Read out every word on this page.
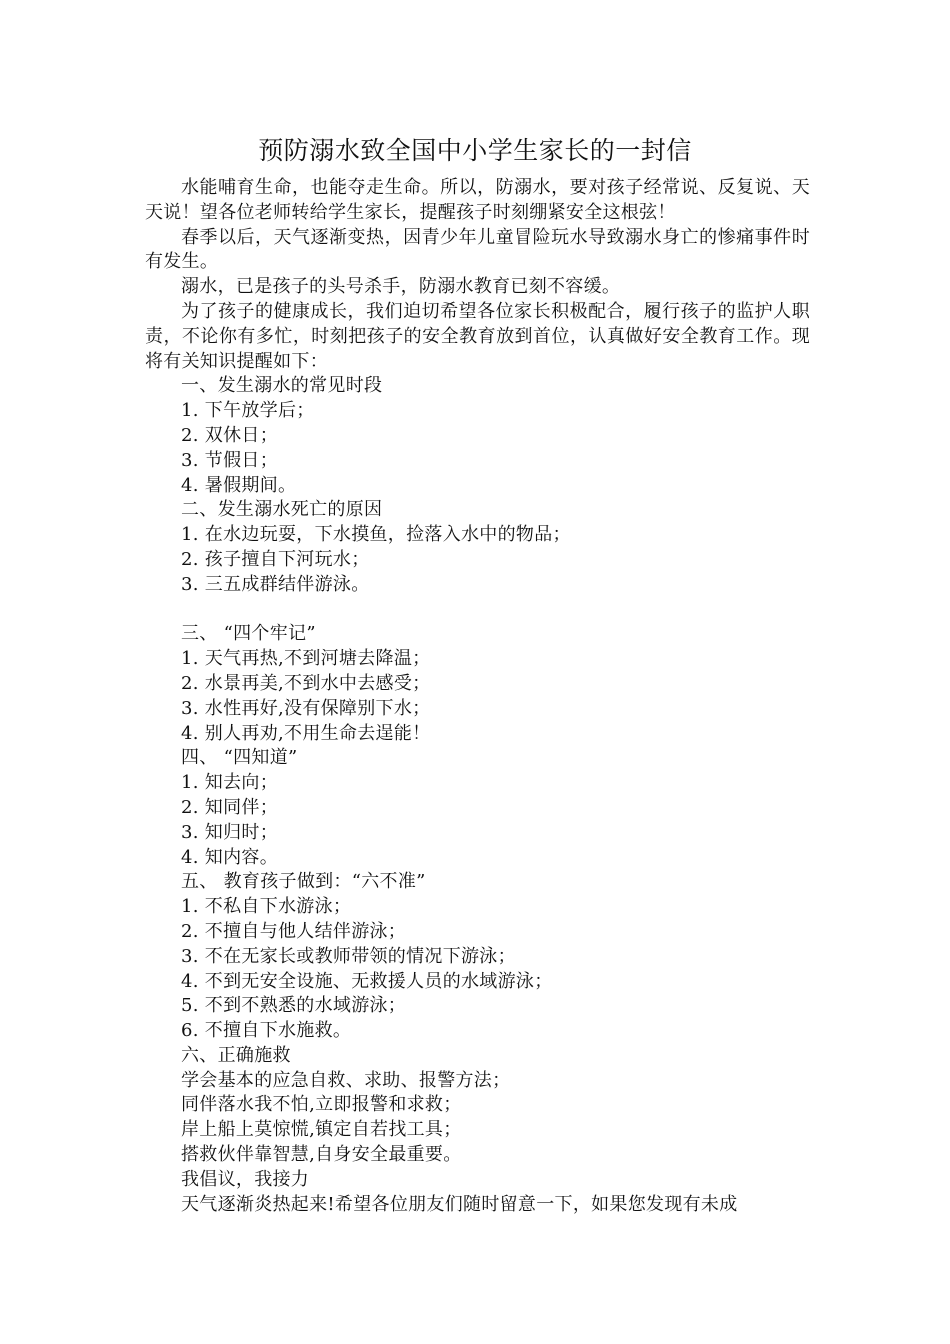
预防溺水致全国中小学生家长的一封信

水能哺育生命，也能夺走生命。所以，防溺水，要对孩子经常说、反复说、天天说！望各位老师转给学生家长，提醒孩子时刻绷紧安全这根弦！

春季以后，天气逐渐变热，因青少年儿童冒险玩水导致溺水身亡的惨痛事件时有发生。

溺水，已是孩子的头号杀手，防溺水教育已刻不容缓。

为了孩子的健康成长，我们迫切希望各位家长积极配合，履行孩子的监护人职责，不论你有多忙，时刻把孩子的安全教育放到首位，认真做好安全教育工作。现将有关知识提醒如下：

一、发生溺水的常见时段

1. 下午放学后；

2. 双休日；

3. 节假日；

4. 暑假期间。

二、发生溺水死亡的原因

1. 在水边玩耍，下水摸鱼，捡落入水中的物品；

2. 孩子擅自下河玩水；

3. 三五成群结伴游泳。

三、 “四个牢记”

1. 天气再热,不到河塘去降温；

2. 水景再美,不到水中去感受；

3. 水性再好,没有保障别下水；

4. 别人再劝,不用生命去逞能！

四、 “四知道”

1. 知去向；

2. 知同伴；

3. 知归时；

4. 知内容。

五、 教育孩子做到：“六不准”

1. 不私自下水游泳；

2. 不擅自与他人结伴游泳；

3. 不在无家长或教师带领的情况下游泳；

4. 不到无安全设施、无救援人员的水域游泳；

5. 不到不熟悉的水域游泳；

6. 不擅自下水施救。

六、正确施救

学会基本的应急自救、求助、报警方法；

同伴落水我不怕,立即报警和求救；

岸上船上莫惊慌,镇定自若找工具；

搭救伙伴靠智慧,自身安全最重要。

我倡议，我接力

天气逐渐炎热起来!希望各位朋友们随时留意一下，如果您发现有未成
